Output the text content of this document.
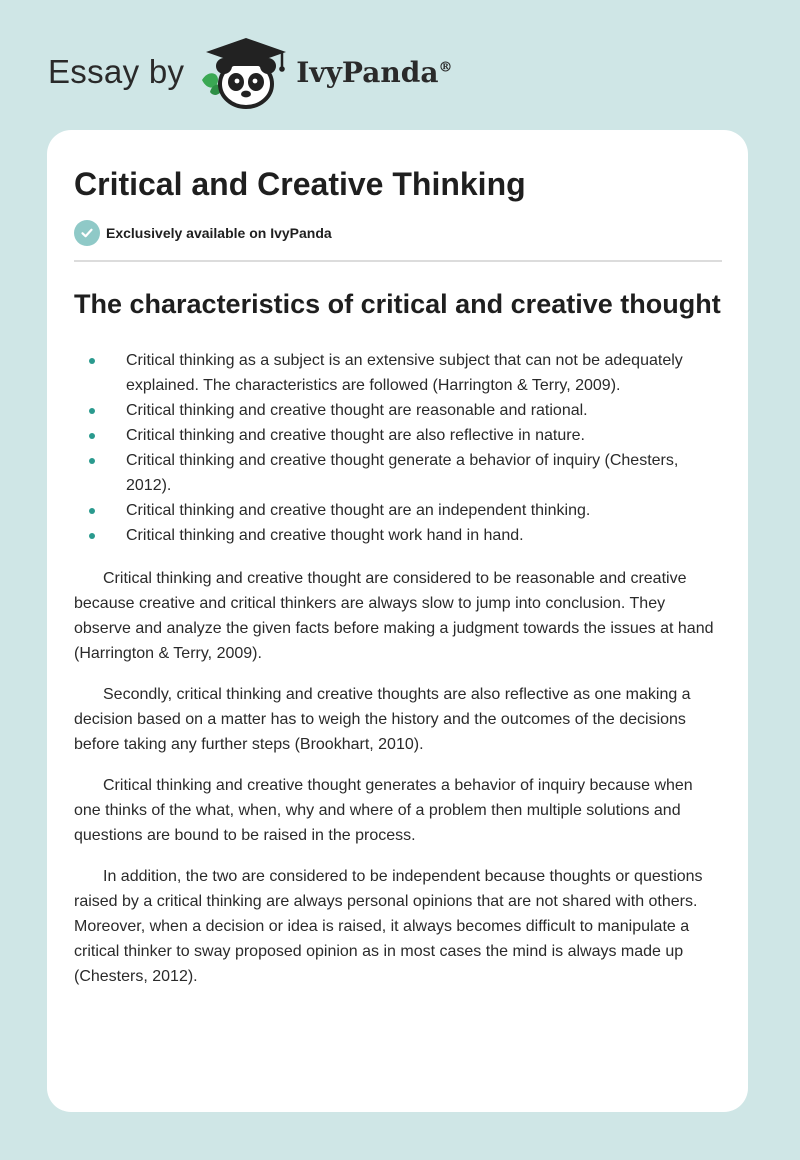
Essay by	IvyPanda®
Critical and Creative Thinking
Exclusively available on IvyPanda
The characteristics of critical and creative thought
Critical thinking as a subject is an extensive subject that can not be adequately explained. The characteristics are followed (Harrington & Terry, 2009).
Critical thinking and creative thought are reasonable and rational.
Critical thinking and creative thought are also reflective in nature.
Critical thinking and creative thought generate a behavior of inquiry (Chesters, 2012).
Critical thinking and creative thought are an independent thinking.
Critical thinking and creative thought work hand in hand.

Critical thinking and creative thought are considered to be reasonable and creative because creative and critical thinkers are always slow to jump into conclusion. They observe and analyze the given facts before making a judgment towards the issues at hand (Harrington & Terry, 2009).

Secondly, critical thinking and creative thoughts are also reflective as one making a decision based on a matter has to weigh the history and the outcomes of the decisions before taking any further steps (Brookhart, 2010).

Critical thinking and creative thought generates a behavior of inquiry because when one thinks of the what, when, why and where of a problem then multiple solutions and questions are bound to be raised in the process.

In addition, the two are considered to be independent because thoughts or questions raised by a critical thinking are always personal opinions that are not shared with others. Moreover, when a decision or idea is raised, it always becomes difficult to manipulate a critical thinker to sway proposed opinion as in most cases the mind is always made up (Chesters, 2012).
